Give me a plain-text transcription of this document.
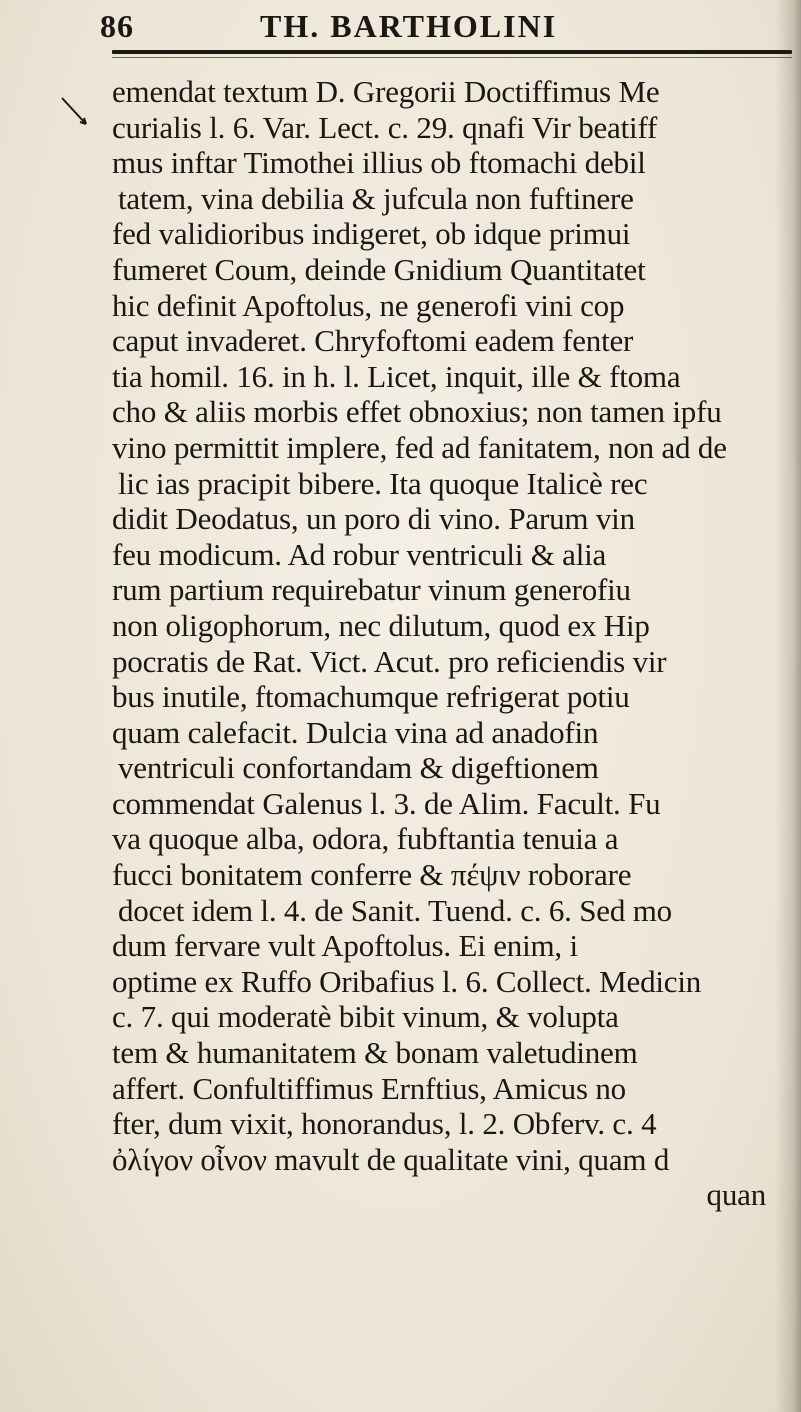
86	TH. BARTHOLINI
emendat textum D. Gregorii Doctiffimus Me
curialis l. 6. Var. Lect. c. 29. qnafi Vir beatiff
mus inftar Timothei illius ob ftomachi debil
tatem, vina debilia & jufcula non fuftinere
fed validioribus indigeret, ob idque primui
fumeret Coum, deinde Gnidium Quantitatet
hic definit Apoftolus, ne generofi vini cop
caput invaderet. Chryfoftomi eadem fenter
tia homil. 16. in h. l. Licet, inquit, ille & ftoma
cho & aliis morbis effet obnoxius; non tamen ipfu
vino permittit implere, fed ad fanitatem, non ad de
lic ias pracipit bibere. Ita quoque Italicè rec
didit Deodatus, un poro di vino. Parum vin
feu modicum. Ad robur ventriculi & alia
rum partium requirebatur vinum generofiu
non oligophorum, nec dilutum, quod ex Hip
pocratis de Rat. Vict. Acut. pro reficiendis vir
bus inutile, ftomachumque refrigerat potiu
quam calefacit. Dulcia vina ad anadofin
ventriculi confortandam & digeftionem
commendat Galenus l. 3. de Alim. Facult. Fu
va quoque alba, odora, fubftantia tenuia a
fucci bonitatem conferre & πέψιν roborare
docet idem l. 4. de Sanit. Tuend. c. 6. Sed mo
dum fervare vult Apoftolus. Ei enim, i
optime ex Ruffo Oribafius l. 6. Collect. Medicin
c. 7. qui moderatè bibit vinum, & volupta
tem & humanitatem & bonam valetudinem
affert. Confultiffimus Ernftius, Amicus no
fter, dum vixit, honorandus, l. 2. Obferv. c. 4
ὀλίγον οἶνον mavult de qualitate vini, quam d
quan
